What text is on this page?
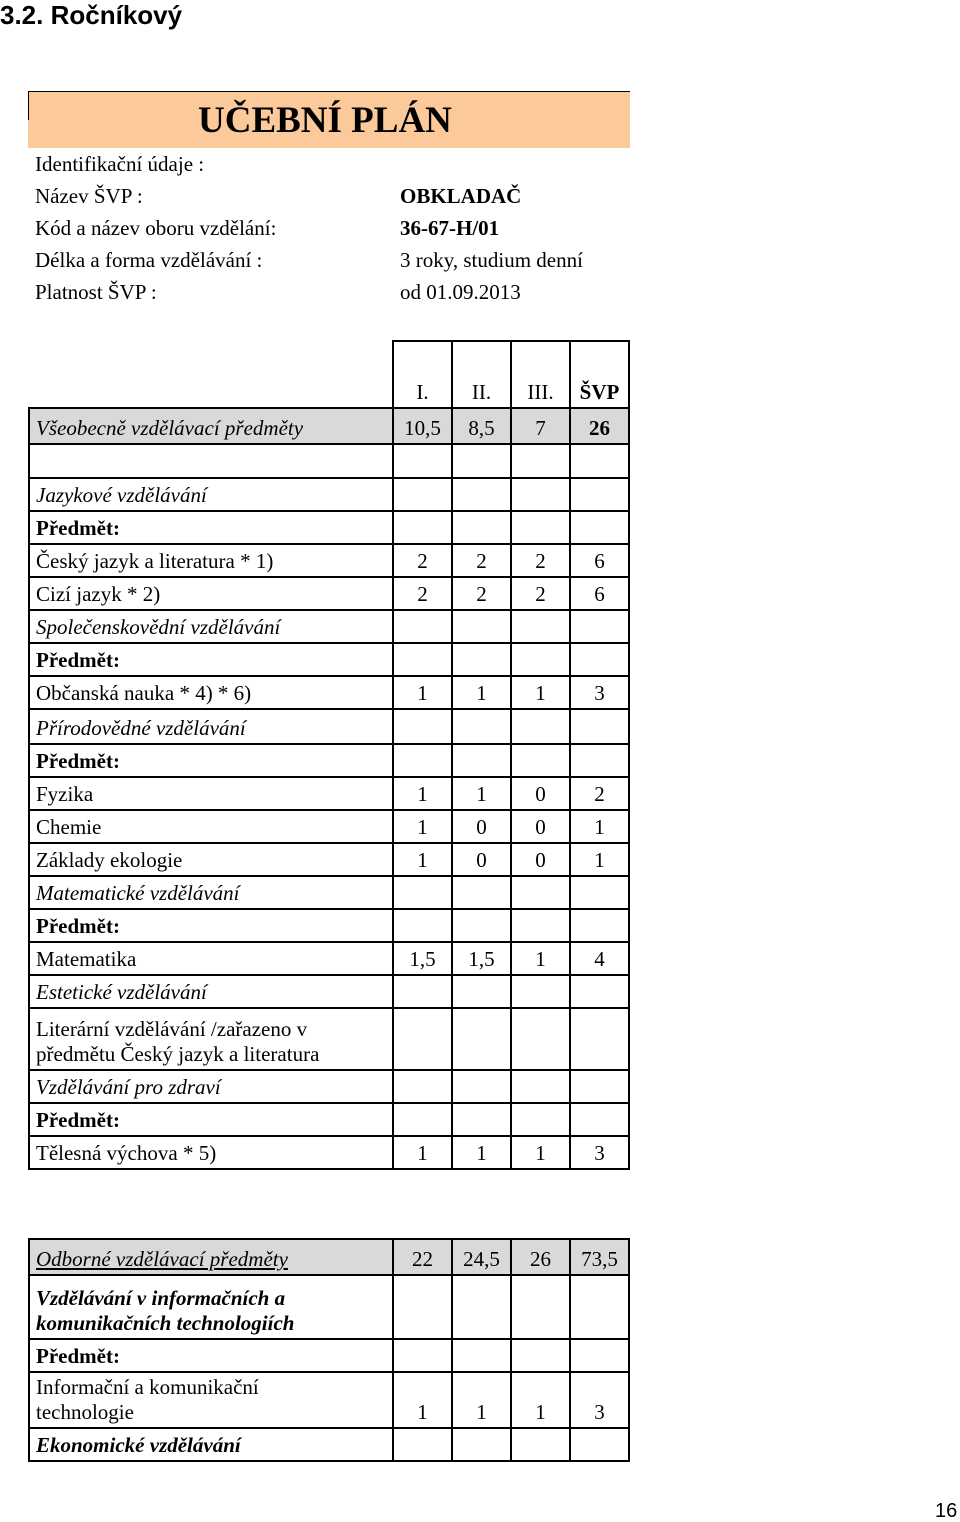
3.2. Ročníkový
UČEBNÍ PLÁN
Identifikační údaje :
Název ŠVP :	OBKLADAČ
Kód a název oboru vzdělání:	36-67-H/01
Délka a forma vzdělávání :	3 roky, studium denní
Platnost ŠVP :	od 01.09.2013
	I.	II.	III.	ŠVP
Všeobecně vzdělávací předměty	10,5	8,5	7	26

Jazykové vzdělávání				
Předmět:				
Český jazyk a literatura * 1)	2	2	2	6
Cizí jazyk * 2)	2	2	2	6
Společenskovědní vzdělávání				
Předmět:				
Občanská nauka * 4) * 6)	1	1	1	3
Přírodovědné vzdělávání				
Předmět:				
Fyzika	1	1	0	2
Chemie	1	0	0	1
Základy ekologie	1	0	0	1
Matematické vzdělávání				
Předmět:				
Matematika	1,5	1,5	1	4
Estetické vzdělávání				
Literární vzdělávání /zařazeno v
předmětu Český jazyk a literatura				
Vzdělávání pro zdraví				
Předmět:				
Tělesná výchova * 5)	1	1	1	3
Odborné vzdělávací předměty	22	24,5	26	73,5
Vzdělávání v informačních a
komunikačních technologiích				
Předmět:				
Informační a komunikační
technologie	1	1	1	3
Ekonomické vzdělávání				
16
